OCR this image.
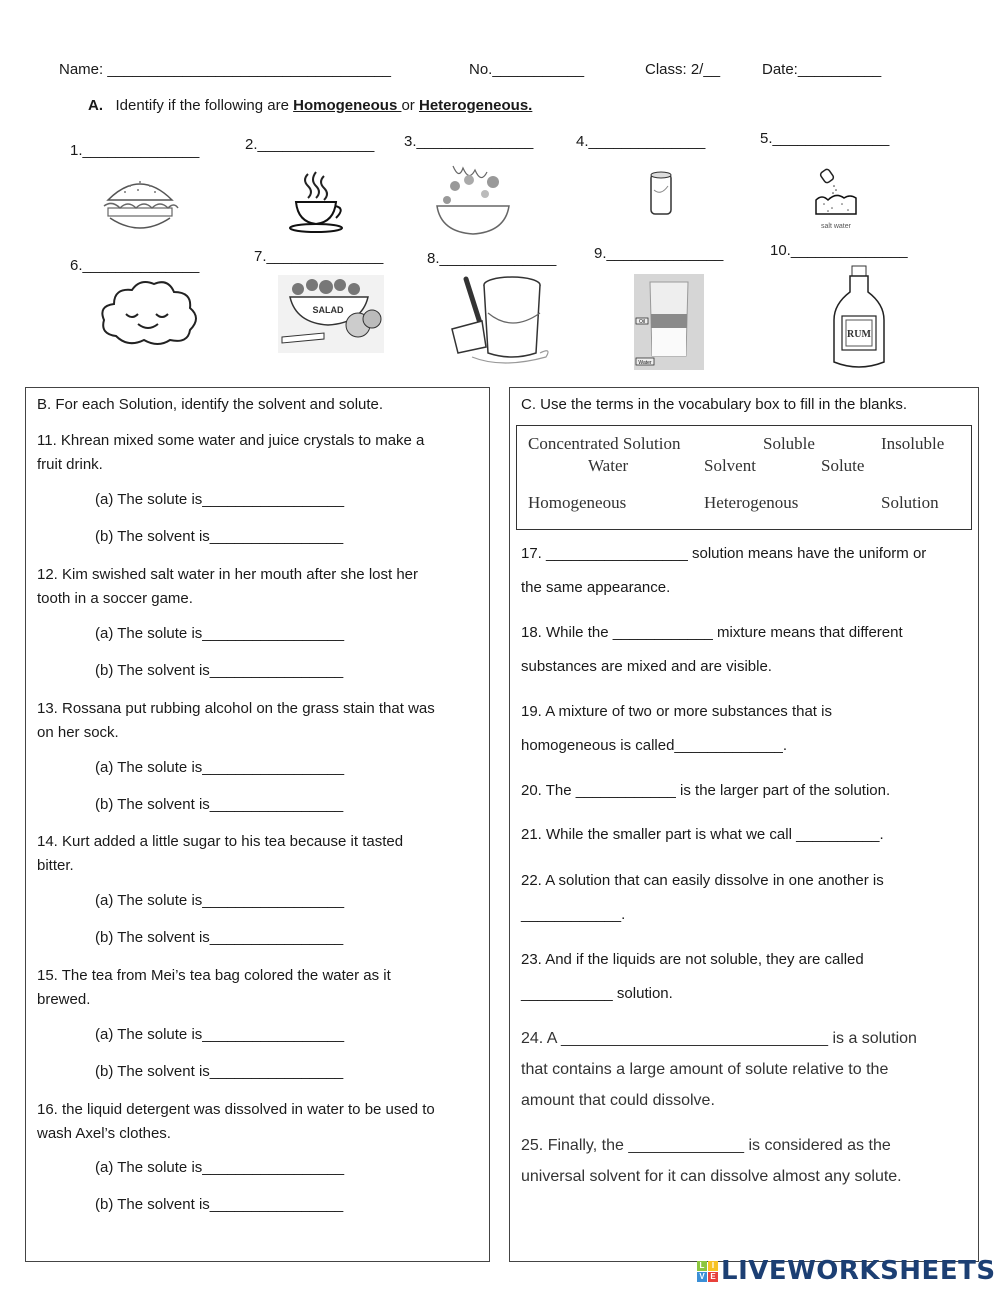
Name: __________________________________	No.___________	Class: 2/__	Date:__________
A. Identify if the following are Homogeneous or Heterogeneous.
1.______________	2.______________ 3.______________	4.______________	5.______________
salt water
6.______________
7.______________	8.______________	9.______________	10.______________
SALAD
Oil
Water
RUM
B. For each Solution, identify the solvent and solute.
11. Khrean mixed some water and juice crystals to make a
fruit drink.
(a) The solute is_________________
(b) The solvent is________________
12. Kim swished salt water in her mouth after she lost her
tooth in a soccer game.
(a) The solute is_________________
(b) The solvent is________________
13. Rossana put rubbing alcohol on the grass stain that was
on her sock.
(a) The solute is_________________
(b) The solvent is________________
14. Kurt added a little sugar to his tea because it tasted
bitter.
(a) The solute is_________________
(b) The solvent is________________
15. The tea from Mei’s tea bag colored the water as it
brewed.
(a) The solute is_________________
(b) The solvent is________________
16. the liquid detergent was dissolved in water to be used to
wash Axel’s clothes.
(a) The solute is_________________
(b) The solvent is________________
C. Use the terms in the vocabulary box to fill in the blanks.
Concentrated Solution	Soluble	Insoluble
Water	Solvent	Solute
Homogeneous	Heterogenous	Solution
17. _________________ solution means have the uniform or
the same appearance.
18. While the ____________ mixture means that different
substances are mixed and are visible.
19. A mixture of two or more substances that is
homogeneous is called_____________.
20. The ____________ is the larger part of the solution.
21. While the smaller part is what we call __________.
22. A solution that can easily dissolve in one another is
____________.
23. And if the liquids are not soluble, they are called
___________ solution.
24. A ______________________________ is a solution
that contains a large amount of solute relative to the
amount that could dissolve.
25. Finally, the _____________ is considered as the
universal solvent for it can dissolve almost any solute.
L I
V E LIVEWORKSHEETS
